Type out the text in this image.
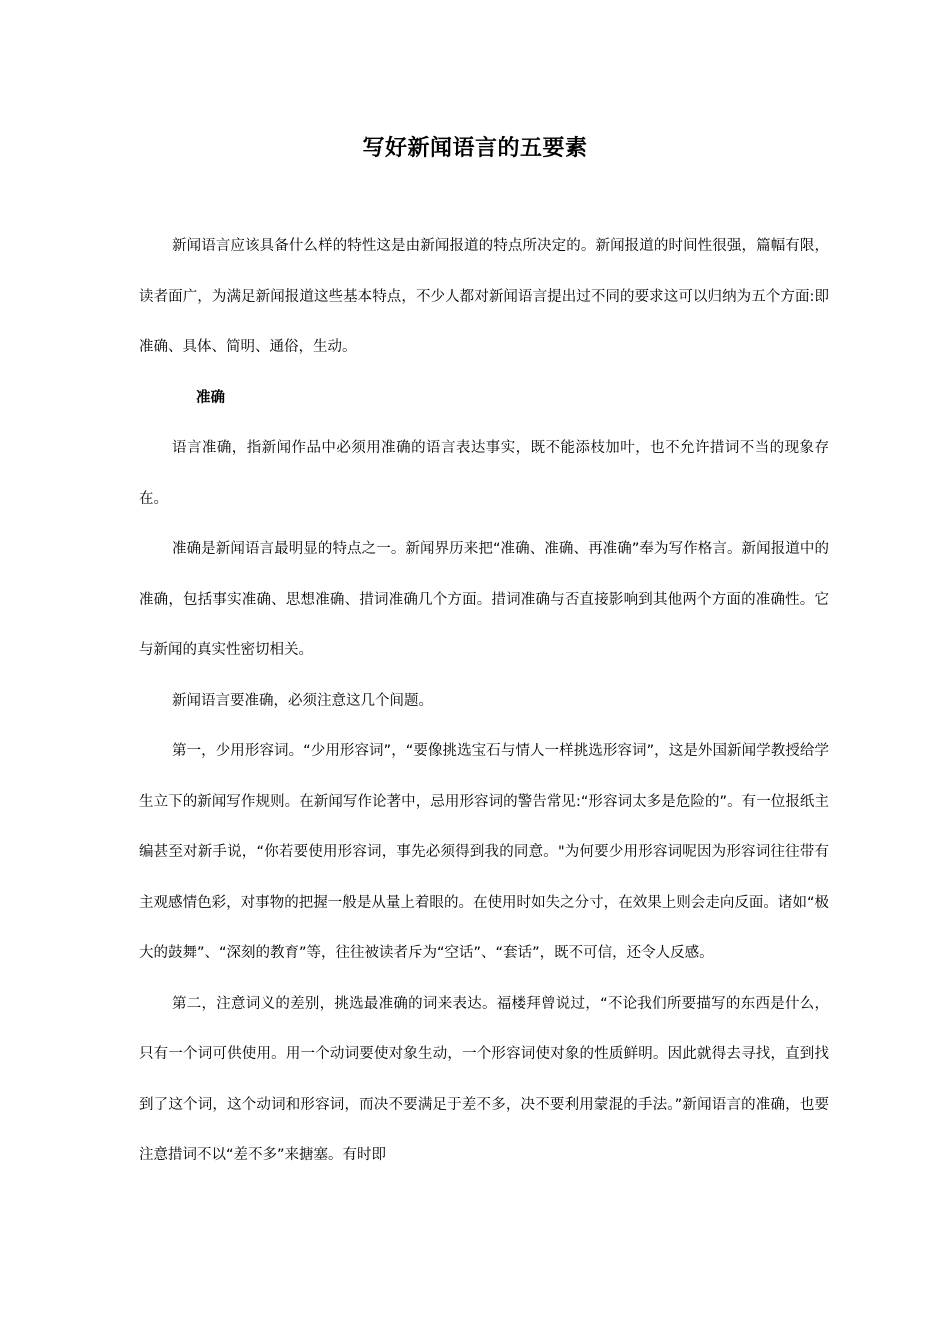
写好新闻语言的五要素

新闻语言应该具备什么样的特性这是由新闻报道的特点所决定的。新闻报道的时间性很强，篇幅有限，读者面广，为满足新闻报道这些基本特点，不少人都对新闻语言提出过不同的要求这可以归纳为五个方面:即准确、具体、简明、通俗，生动。

准确

语言准确，指新闻作品中必须用准确的语言表达事实，既不能添枝加叶，也不允许措词不当的现象存在。

准确是新闻语言最明显的特点之一。新闻界历来把“准确、准确、再准确”奉为写作格言。新闻报道中的准确，包括事实准确、思想准确、措词准确几个方面。措词准确与否直接影响到其他两个方面的准确性。它与新闻的真实性密切相关。

新闻语言要准确，必须注意这几个间题。

第一，少用形容词。“少用形容词”，“要像挑选宝石与情人一样挑选形容词”，这是外国新闻学教授给学生立下的新闻写作规则。在新闻写作论著中，忌用形容词的警告常见:“形容词太多是危险的”。有一位报纸主编甚至对新手说，“你若要使用形容词，事先必须得到我的同意。"为何要少用形容词呢因为形容词往往带有主观感情色彩，对事物的把握一般是从量上着眼的。在使用时如失之分寸，在效果上则会走向反面。诸如“极大的鼓舞”、“深刻的教育”等，往往被读者斥为“空话”、“套话”，既不可信，还令人反感。

第二，注意词义的差别，挑选最准确的词来表达。福楼拜曾说过，“不论我们所要描写的东西是什么，只有一个词可供使用。用一个动词要使对象生动，一个形容词使对象的性质鲜明。因此就得去寻找，直到找到了这个词，这个动词和形容词，而决不要满足于差不多，决不要利用蒙混的手法。”新闻语言的准确，也要注意措词不以“差不多”来搪塞。有时即
